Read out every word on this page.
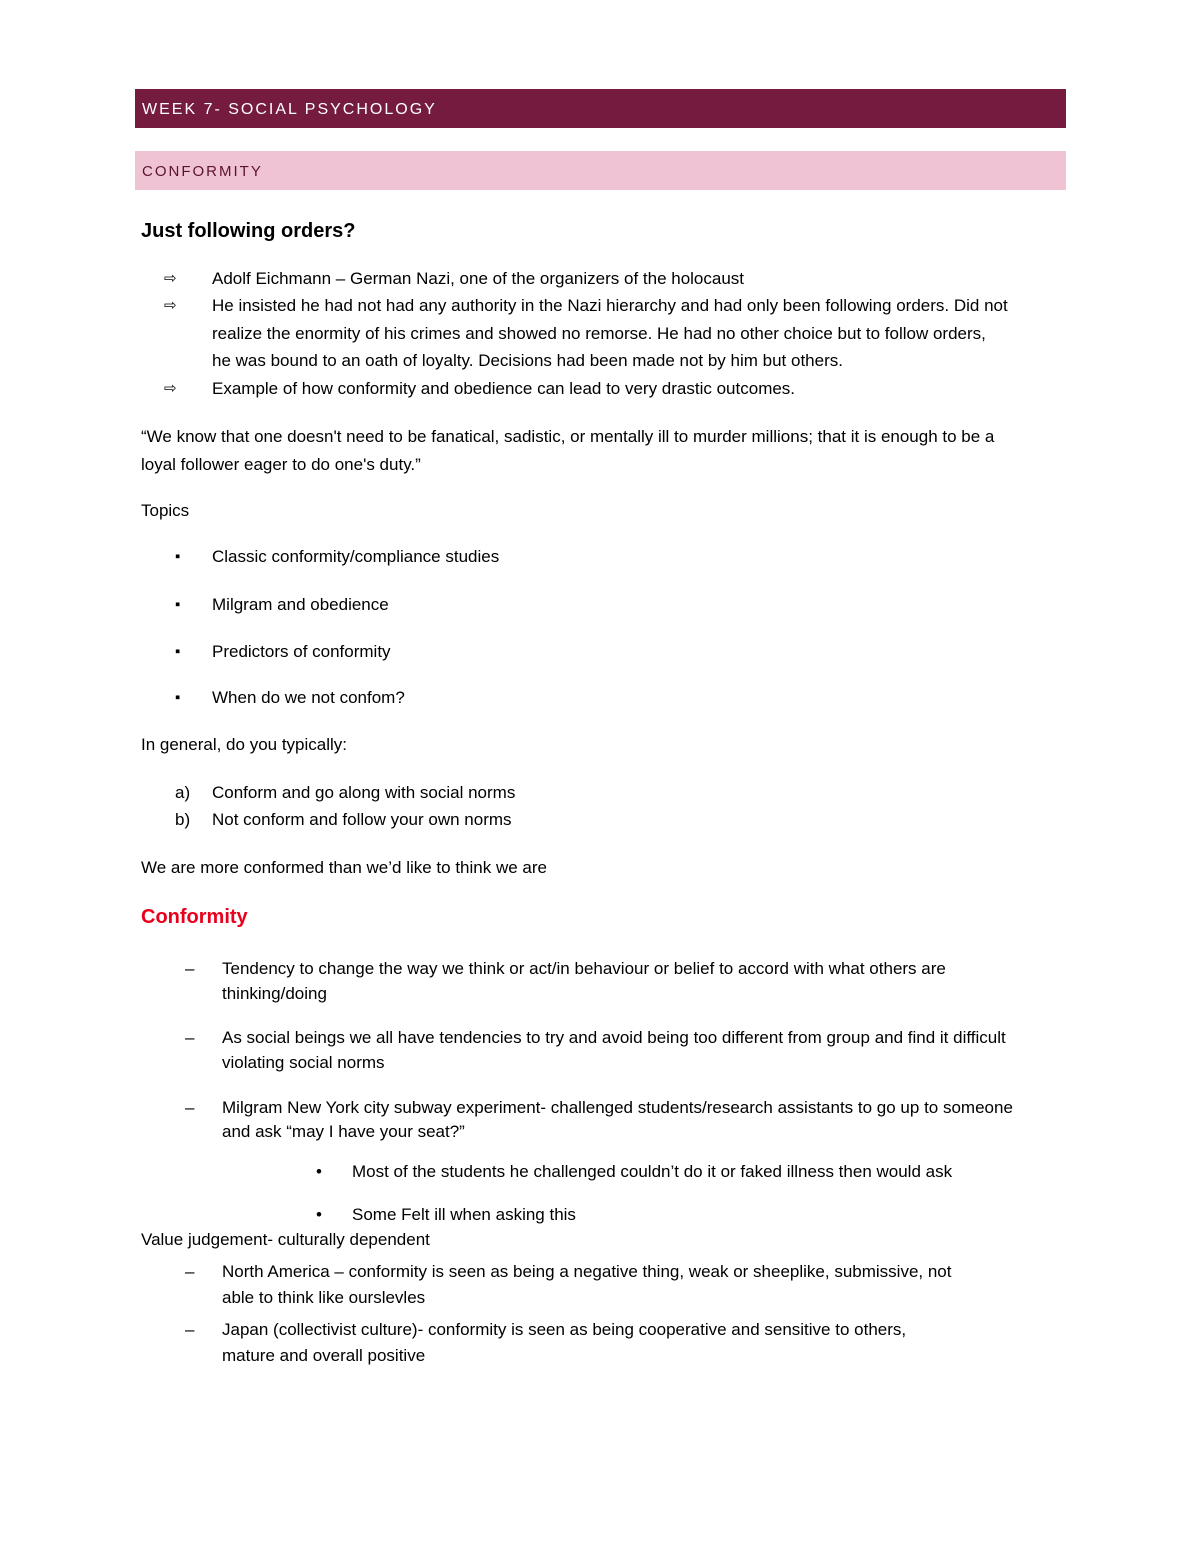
WEEK 7- SOCIAL PSYCHOLOGY
CONFORMITY
Just following orders?
⇨ Adolf Eichmann – German Nazi, one of the organizers of the holocaust
⇨ He insisted he had not had any authority in the Nazi hierarchy and had only been following orders. Did not
realize the enormity of his crimes and showed no remorse. He had no other choice but to follow orders,
he was bound to an oath of loyalty. Decisions had been made not by him but others.
⇨ Example of how conformity and obedience can lead to very drastic outcomes.
“We know that one doesn't need to be fanatical, sadistic, or mentally ill to murder millions; that it is enough to be a
loyal follower eager to do one's duty.”
Topics
▪ Classic conformity/compliance studies
▪ Milgram and obedience
▪ Predictors of conformity
▪ When do we not confom?
In general, do you typically:
a) Conform and go along with social norms
b) Not conform and follow your own norms
We are more conformed than we’d like to think we are
Conformity
– Tendency to change the way we think or act/in behaviour or belief to accord with what others are
thinking/doing
– As social beings we all have tendencies to try and avoid being too different from group and find it difficult
violating social norms
– Milgram New York city subway experiment- challenged students/research assistants to go up to someone
and ask “may I have your seat?”
• Most of the students he challenged couldn’t do it or faked illness then would ask
• Some Felt ill when asking this
Value judgement- culturally dependent
– North America – conformity is seen as being a negative thing, weak or sheeplike, submissive, not
able to think like ourslevles
– Japan (collectivist culture)- conformity is seen as being cooperative and sensitive to others,
mature and overall positive
